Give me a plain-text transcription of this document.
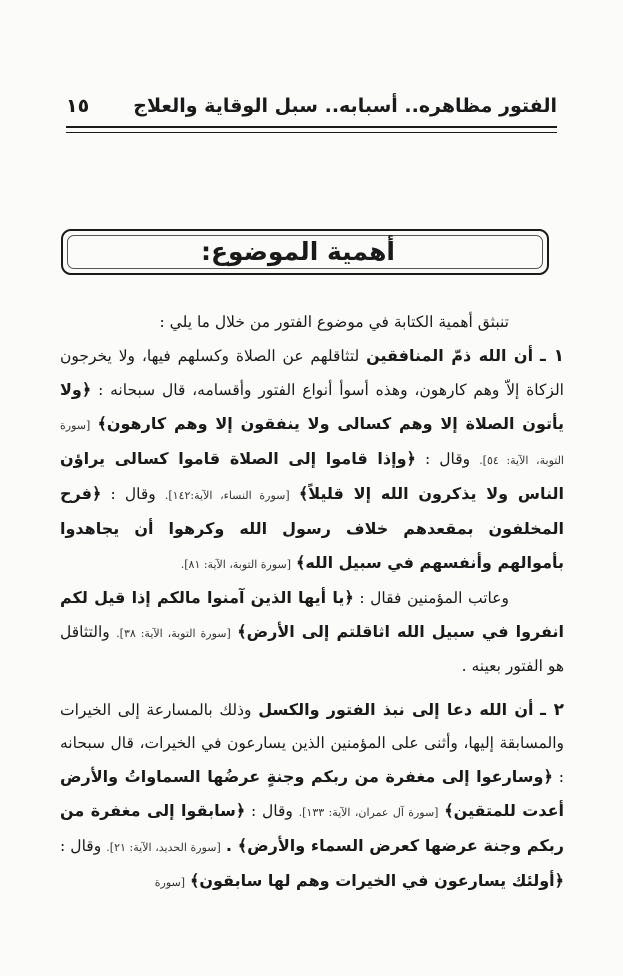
الفتور مظاهره.. أسبابه.. سبل الوقاية والعلاج
١٥
أهمية الموضوع:

تنبثق أهمية الكتابة في موضوع الفتور من خلال ما يلي :

١ ـ أن الله ذمّ المنافقين لتثاقلهم عن الصلاة وكسلهم فيها، ولا يخرجون الزكاة إلاّ وهم كارهون، وهذه أسوأ أنواع الفتور وأقسامه، قال سبحانه : ﴿ولا يأتون الصلاة إلا وهم كسالى ولا ينفقون إلا وهم كارهون﴾ [سورة التوبة، الآية: ٥٤]. وقال : ﴿وإذا قاموا إلى الصلاة قاموا كسالى يراؤن الناس ولا يذكرون الله إلا قليلاً﴾ [سورة النساء، الآية:١٤٢]. وقال : ﴿فرح المخلفون بمقعدهم خلاف رسول الله وكرهوا أن يجاهدوا بأموالهم وأنفسهم في سبيل الله﴾ [سورة التوبة، الآية: ٨١].

وعاتب المؤمنين فقال : ﴿يا أيها الذين آمنوا مالكم إذا قيل لكم انفروا في سبيل الله اثاقلتم إلى الأرض﴾ [سورة التوبة، الآية: ٣٨]. والتثاقل هو الفتور بعينه .

٢ ـ أن الله دعا إلى نبذ الفتور والكسل وذلك بالمسارعة إلى الخيرات والمسابقة إليها، وأثنى على المؤمنين الذين يسارعون في الخيرات، قال سبحانه : ﴿وسارعوا إلى مغفرة من ربكم وجنةٍ عرضُها السماواتُ والأرض أعدت للمتقين﴾ [سورة آل عمران، الآية: ١٣٣]. وقال : ﴿سابقوا إلى مغفرة من ربكم وجنة عرضها كعرض السماء والأرض﴾ . [سورة الحديد، الآية: ٢١]. وقال : ﴿أولئك يسارعون في الخيرات وهم لها سابقون﴾ [سورة
